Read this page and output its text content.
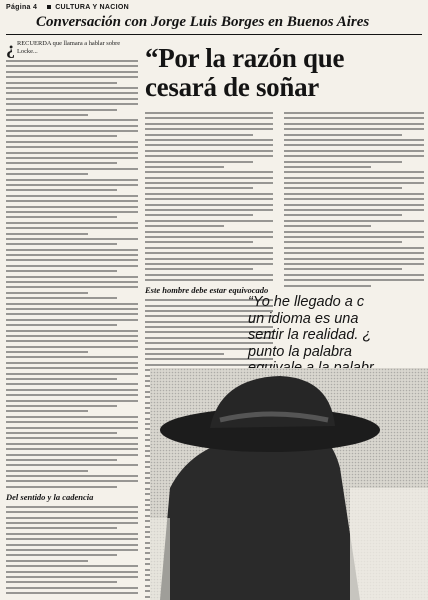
Página 4	CULTURA Y NACION
Conversación con Jorge Luis Borges en Buenos Aires
¿ RECUERDA que llamara a hablar sobre Locke...
Del sentido y la cadencia
Este hombre debe estar equivocado
“Por la razón que
cesará de soñar
“Yo he llegado a c
un idioma es una
sentir la realidad. ¿
punto la palabra
